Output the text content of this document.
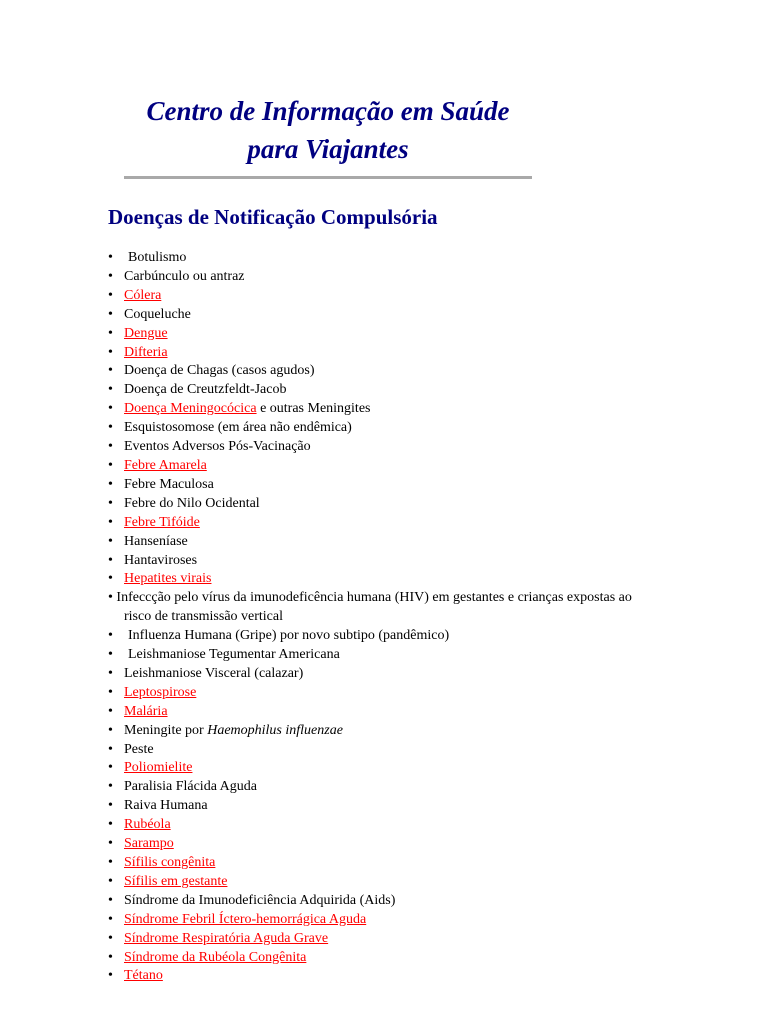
Centro de Informação em Saúde
para Viajantes
Doenças de Notificação Compulsória
• Botulismo
• Carbúnculo ou antraz
• Cólera
• Coqueluche
• Dengue
• Difteria
• Doença de Chagas (casos agudos)
• Doença de Creutzfeldt-Jacob
• Doença Meningocócica e outras Meningites
• Esquistosomose (em área não endêmica)
• Eventos Adversos Pós-Vacinação
• Febre Amarela
• Febre Maculosa
• Febre do Nilo Ocidental
• Febre Tifóide
• Hanseníase
• Hantaviroses
• Hepatites virais
• Infeccção pelo vírus da imunodeficência humana (HIV) em gestantes e crianças expostas ao risco de transmissão vertical
• Influenza Humana (Gripe) por novo subtipo (pandêmico)
• Leishmaniose Tegumentar Americana
• Leishmaniose Visceral (calazar)
• Leptospirose
• Malária
• Meningite por Haemophilus influenzae
• Peste
• Poliomielite
• Paralisia Flácida Aguda
• Raiva Humana
• Rubéola
• Sarampo
• Sífilis congênita
• Sífilis em gestante
• Síndrome da Imunodeficiência Adquirida (Aids)
• Síndrome Febril Íctero-hemorrágica Aguda
• Síndrome Respiratória Aguda Grave
• Síndrome da Rubéola Congênita
• Tétano
